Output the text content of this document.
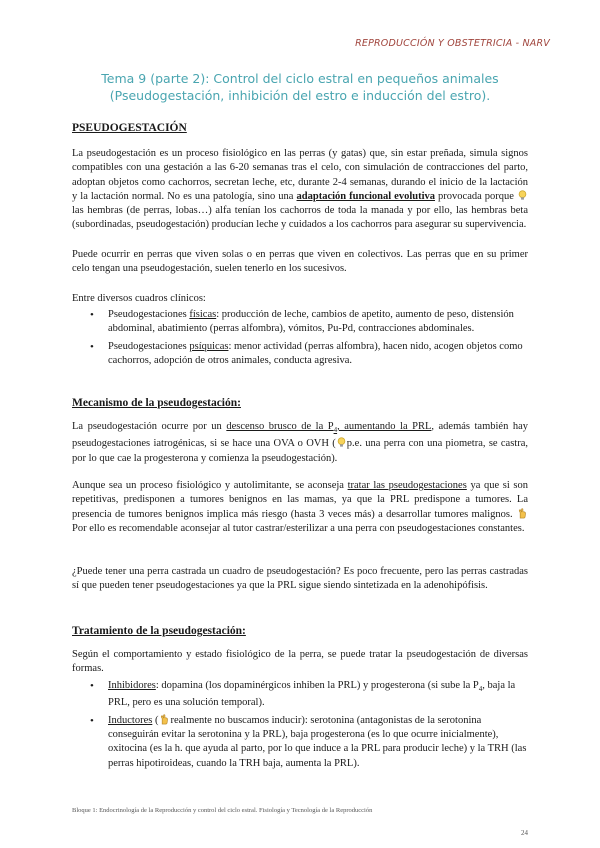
REPRODUCCIÓN Y OBSTETRICIA - NARV
Tema 9 (parte 2): Control del ciclo estral en pequeños animales
(Pseudogestación, inhibición del estro e inducción del estro).
PSEUDOGESTACIÓN
La pseudogestación es un proceso fisiológico en las perras (y gatas) que, sin estar preñada, simula signos compatibles con una gestación a las 6-20 semanas tras el celo, con simulación de contracciones del parto, adoptan objetos como cachorros, secretan leche, etc, durante 2-4 semanas, durando el inicio de la lactación y la lactación normal. No es una patología, sino una adaptación funcional evolutiva provocada porque las hembras (de perras, lobas…) alfa tenían los cachorros de toda la manada y por ello, las hembras beta (subordinadas, pseudogestación) producían leche y cuidados a los cachorros para asegurar su supervivencia.
Puede ocurrir en perras que viven solas o en perras que viven en colectivos. Las perras que en su primer celo tengan una pseudogestación, suelen tenerlo en los sucesivos.
Entre diversos cuadros clínicos:
• Pseudogestaciones físicas: producción de leche, cambios de apetito, aumento de peso, distensión abdominal, abatimiento (perras alfombra), vómitos, Pu-Pd, contracciones abdominales.
• Pseudogestaciones psíquicas: menor actividad (perras alfombra), hacen nido, acogen objetos como cachorros, adopción de otros animales, conducta agresiva.
Mecanismo de la pseudogestación:
La pseudogestación ocurre por un descenso brusco de la $P_4$, aumentando la PRL, además también hay pseudogestaciones iatrogénicas, si se hace una OVA o OVH ( p.e. una perra con una piometra, se castra, por lo que cae la progesterona y comienza la pseudogestación).
Aunque sea un proceso fisiológico y autolimitante, se aconseja tratar las pseudogestaciones ya que si son repetitivas, predisponen a tumores benignos en las mamas, ya que la PRL predispone a tumores. La presencia de tumores benignos implica más riesgo (hasta 3 veces más) a desarrollar tumores malignos. Por ello es recomendable aconsejar al tutor castrar/esterilizar a una perra con pseudogestaciones constantes.
¿Puede tener una perra castrada un cuadro de pseudogestación? Es poco frecuente, pero las perras castradas sí que pueden tener pseudogestaciones ya que la PRL sigue siendo sintetizada en la adenohipófisis.
Tratamiento de la pseudogestación:
Según el comportamiento y estado fisiológico de la perra, se puede tratar la pseudogestación de diversas formas.
• Inhibidores: dopamina (los dopaminérgicos inhiben la PRL) y progesterona (si sube la $P_4$, baja la PRL, pero es una solución temporal).
• Inductores ( realmente no buscamos inducir): serotonina (antagonistas de la serotonina conseguirán evitar la serotonina y la PRL), baja progesterona (es lo que ocurre inicialmente), oxitocina (es la h. que ayuda al parto, por lo que induce a la PRL para producir leche) y la TRH (las perras hipotiroideas, cuando la TRH baja, aumenta la PRL).
Bloque 1: Endocrinología de la Reproducción y control del ciclo estral. Fisiología y Tecnología de la Reproducción
24
